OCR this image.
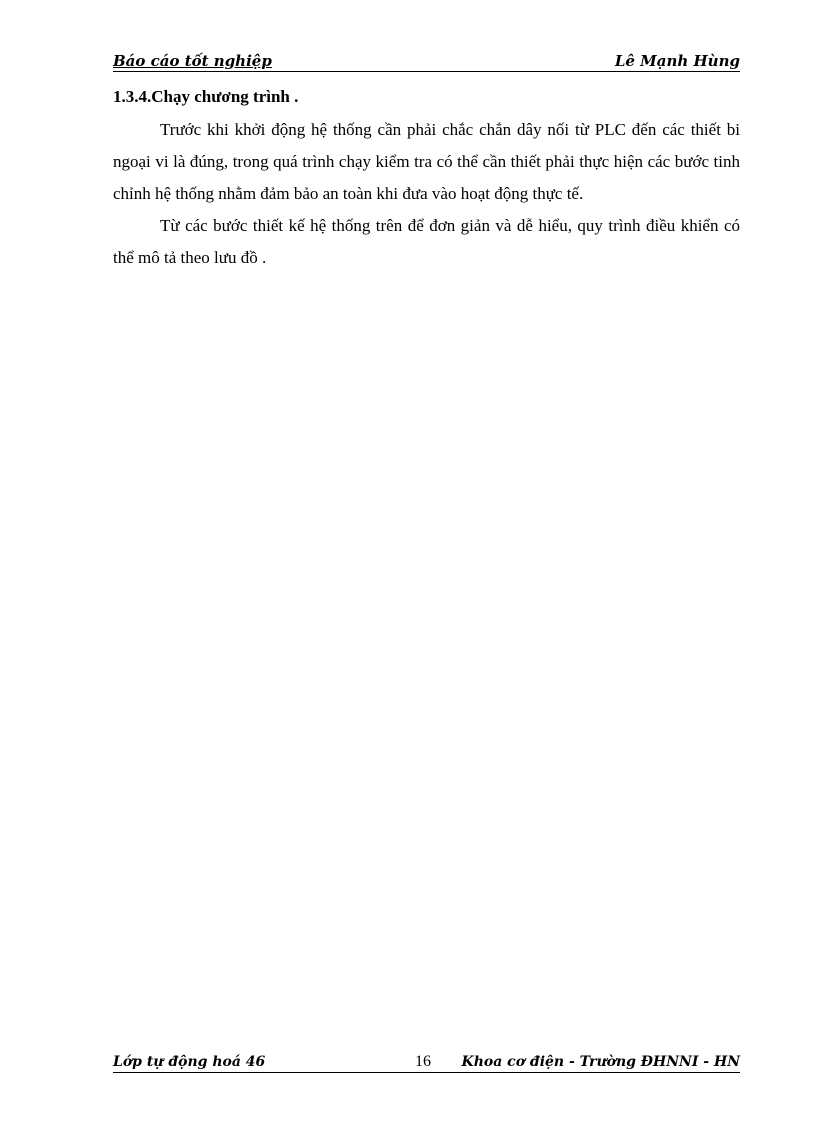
Báo cáo tốt nghiệp	Lê Mạnh Hùng
1.3.4.Chạy chương trình .

Trước khi khởi động hệ thống cần phải chắc chắn dây nối từ PLC đến các thiết bi ngoại vi là đúng, trong quá trình chạy kiểm tra có thể cần thiết phải thực hiện các bước tinh chỉnh hệ thống nhằm đảm bảo an toàn khi đưa vào hoạt động thực tế.

Từ các bước thiết kế hệ thống trên để đơn giản và dễ hiểu, quy trình điều khiển có thể mô tả theo lưu đồ .

Lớp tự động hoá 46	16 Khoa cơ điện - Trường ĐHNNI - HN
